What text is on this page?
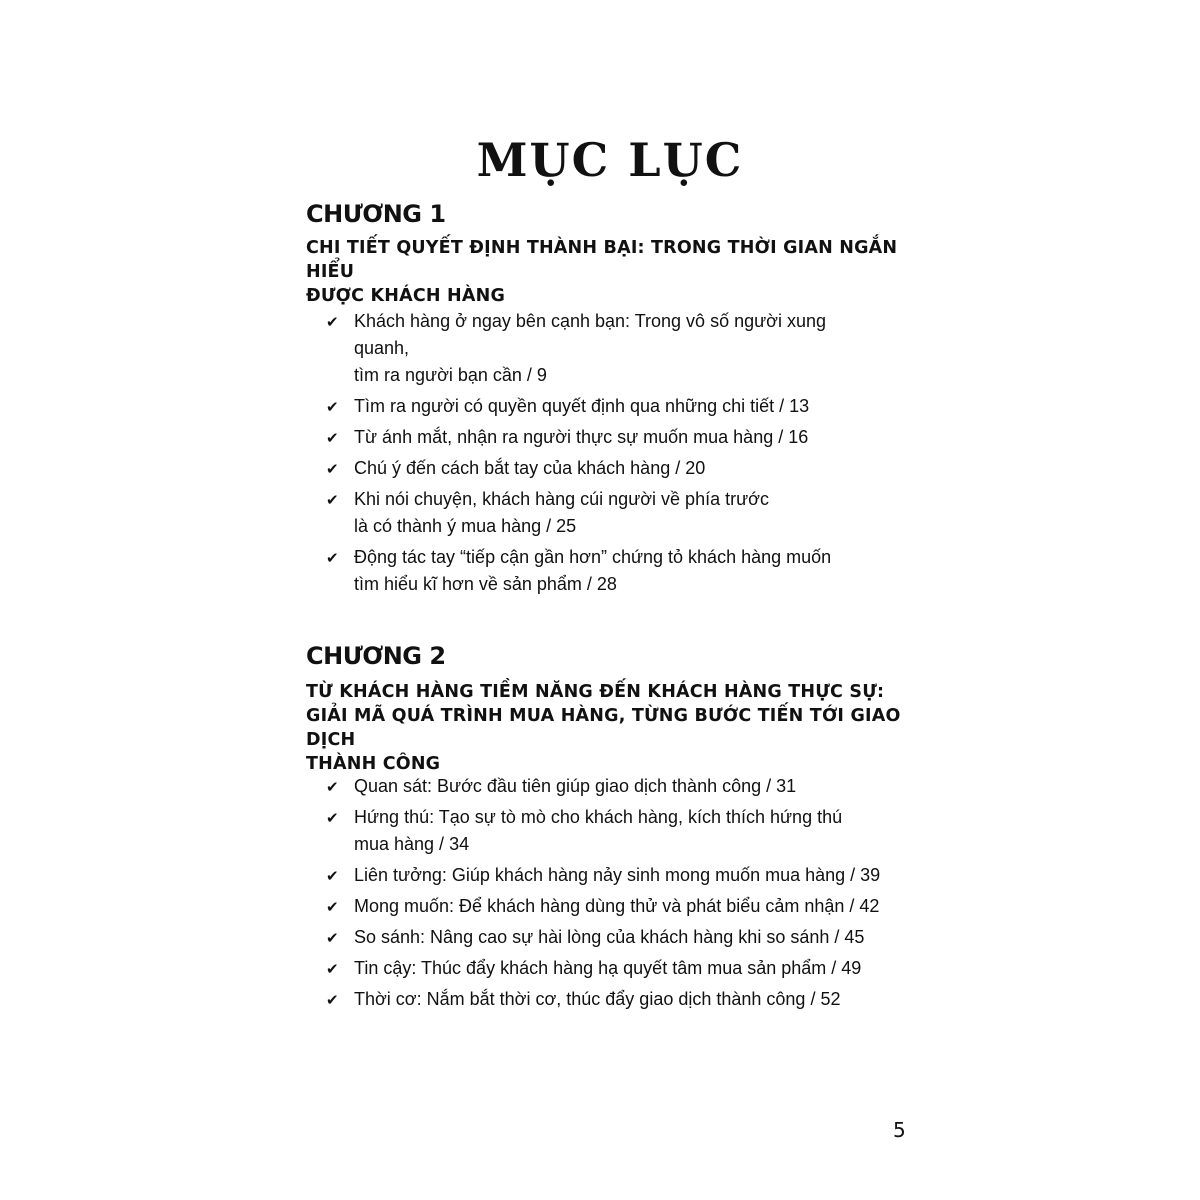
MỤC LỤC
CHƯƠNG 1
CHI TIẾT QUYẾT ĐỊNH THÀNH BẠI: TRONG THỜI GIAN NGẮN HIỂU
ĐƯỢC KHÁCH HÀNG
✔ Khách hàng ở ngay bên cạnh bạn: Trong vô số người xung quanh,
tìm ra người bạn cần / 9
✔ Tìm ra người có quyền quyết định qua những chi tiết / 13
✔ Từ ánh mắt, nhận ra người thực sự muốn mua hàng / 16
✔ Chú ý đến cách bắt tay của khách hàng / 20
✔ Khi nói chuyện, khách hàng cúi người về phía trước
là có thành ý mua hàng / 25
✔ Động tác tay “tiếp cận gần hơn” chứng tỏ khách hàng muốn
tìm hiểu kĩ hơn về sản phẩm / 28
CHƯƠNG 2
TỪ KHÁCH HÀNG TIỀM NĂNG ĐẾN KHÁCH HÀNG THỰC SỰ:
GIẢI MÃ QUÁ TRÌNH MUA HÀNG, TỪNG BƯỚC TIẾN TỚI GIAO DỊCH
THÀNH CÔNG
✔ Quan sát: Bước đầu tiên giúp giao dịch thành công / 31
✔ Hứng thú: Tạo sự tò mò cho khách hàng, kích thích hứng thú
mua hàng / 34
✔ Liên tưởng: Giúp khách hàng nảy sinh mong muốn mua hàng / 39
✔ Mong muốn: Để khách hàng dùng thử và phát biểu cảm nhận / 42
✔ So sánh: Nâng cao sự hài lòng của khách hàng khi so sánh / 45
✔ Tin cậy: Thúc đẩy khách hàng hạ quyết tâm mua sản phẩm / 49
✔ Thời cơ: Nắm bắt thời cơ, thúc đẩy giao dịch thành công / 52

5
